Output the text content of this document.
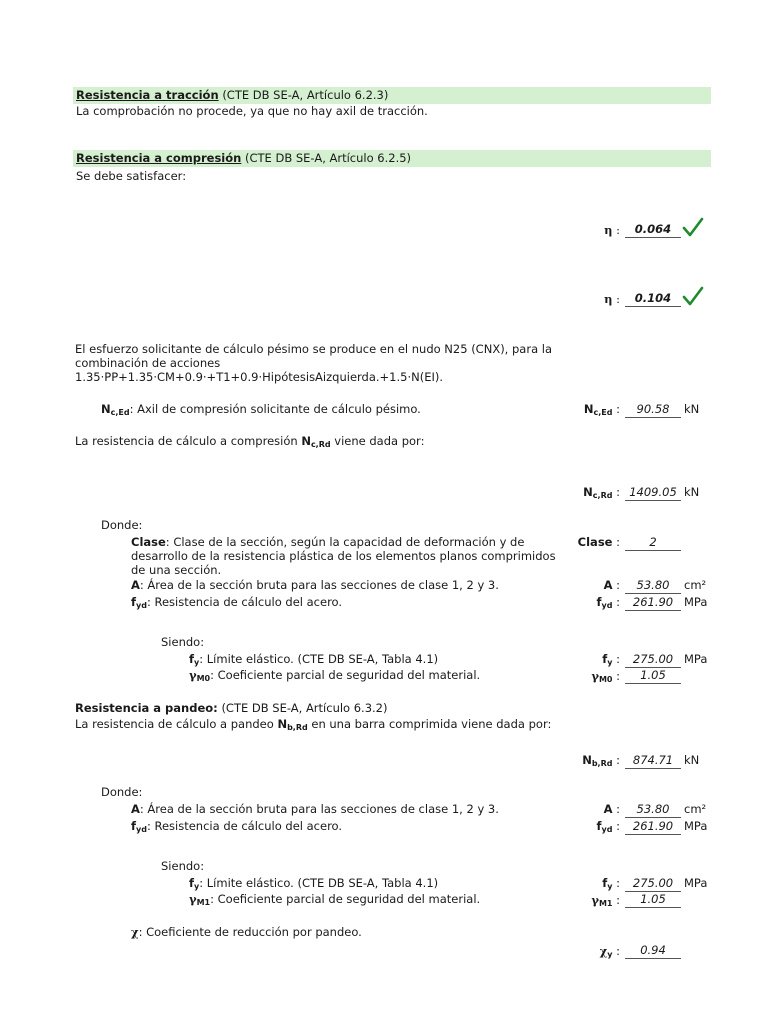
Resistencia a tracción (CTE DB SE-A, Artículo 6.2.3)
La comprobación no procede, ya que no hay axil de tracción.
Resistencia a compresión (CTE DB SE-A, Artículo 6.2.5)
Se debe satisfacer:
η :	0.064
η :	0.104
El esfuerzo solicitante de cálculo pésimo se produce en el nudo N25 (CNX), para la
combinación de acciones
1.35·PP+1.35·CM+0.9·+T1+0.9·HipótesisAizquierda.+1.5·N(EI).
$N_{c,Ed}$: Axil de compresión solicitante de cálculo pésimo.	$N_{c,Ed}$ :	90.58	kN
La resistencia de cálculo a compresión $N_{c,Rd}$ viene dada por:
$N_{c,Rd}$ : 1409.05 kN
Donde:
Clase: Clase de la sección, según la capacidad de deformación y de
desarrollo de la resistencia plástica de los elementos planos comprimidos
de una sección.
Clase :	2
A: Área de la sección bruta para las secciones de clase 1, 2 y 3.	A :	53.80	cm²
$f_{yd}$: Resistencia de cálculo del acero.	$f_{yd}$ :	261.90 MPa
Siendo:
$f_y$: Límite elástico. (CTE DB SE-A, Tabla 4.1)	$f_y$ :	275.00 MPa
$\gamma_{M0}$: Coeficiente parcial de seguridad del material.	$\gamma_{M0}$ :	1.05
Resistencia a pandeo: (CTE DB SE-A, Artículo 6.3.2)
La resistencia de cálculo a pandeo $N_{b,Rd}$ en una barra comprimida viene dada por:
$N_{b,Rd}$ :	874.71 kN
Donde:
A: Área de la sección bruta para las secciones de clase 1, 2 y 3.	A :	53.80	cm²
$f_{yd}$: Resistencia de cálculo del acero.	$f_{yd}$ :	261.90 MPa
Siendo:
$f_y$: Límite elástico. (CTE DB SE-A, Tabla 4.1)	$f_y$ :	275.00 MPa
$\gamma_{M1}$: Coeficiente parcial de seguridad del material.	$\gamma_{M1}$ :	1.05
χ: Coeficiente de reducción por pandeo.
$\chi_y$ :	0.94
